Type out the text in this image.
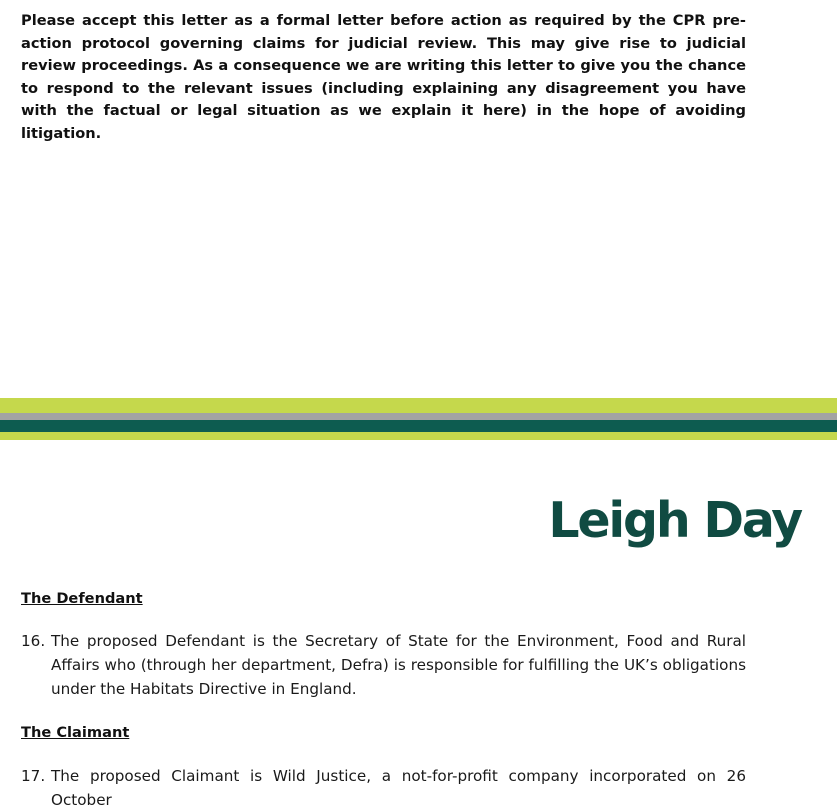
Please accept this letter as a formal letter before action as required by the CPR pre-action protocol governing claims for judicial review. This may give rise to judicial review proceedings. As a consequence we are writing this letter to give you the chance to respond to the relevant issues (including explaining any disagreement you have with the factual or legal situation as we explain it here) in the hope of avoiding litigation.

Leigh Day
The Defendant
16. The proposed Defendant is the Secretary of State for the Environment, Food and Rural Affairs who (through her department, Defra) is responsible for fulfilling the UK’s obligations under the Habitats Directive in England.
The Claimant
17. The proposed Claimant is Wild Justice, a not-for-profit company incorporated on 26 October
